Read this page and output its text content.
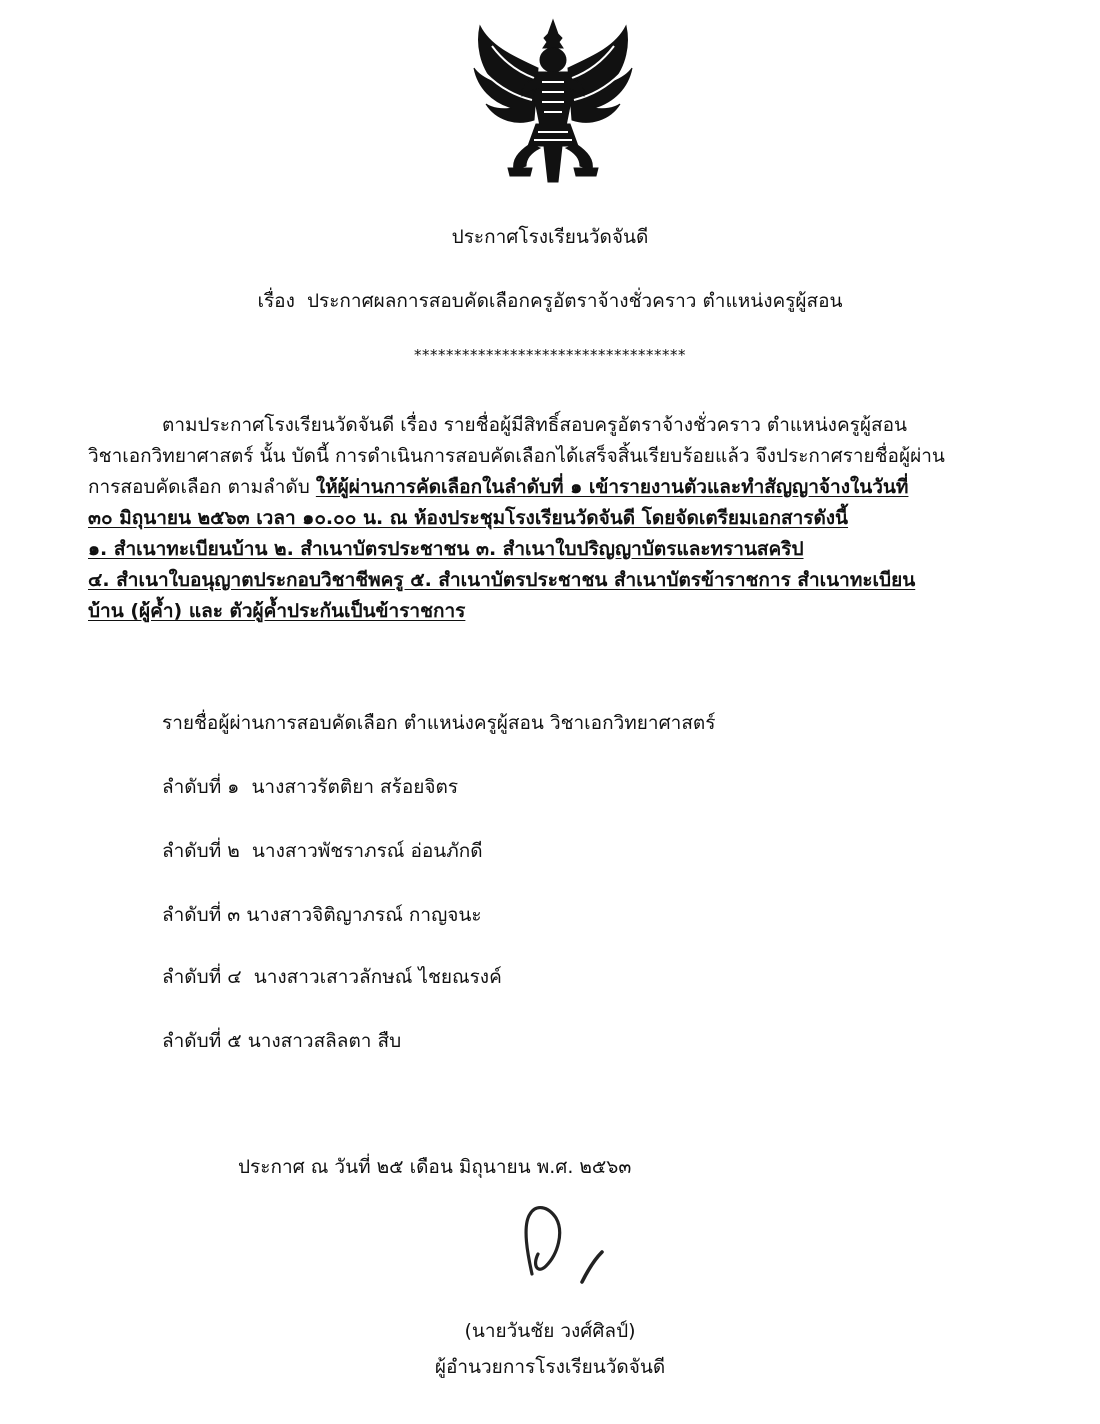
ประกาศโรงเรียนวัดจันดี
เรื่อง ประกาศผลการสอบคัดเลือกครูอัตราจ้างชั่วคราว ตำแหน่งครูผู้สอน
**********************************
ตามประกาศโรงเรียนวัดจันดี เรื่อง รายชื่อผู้มีสิทธิ์สอบครูอัตราจ้างชั่วคราว ตำแหน่งครูผู้สอน
วิชาเอกวิทยาศาสตร์ นั้น บัดนี้ การดำเนินการสอบคัดเลือกได้เสร็จสิ้นเรียบร้อยแล้ว จึงประกาศรายชื่อผู้ผ่าน
การสอบคัดเลือก ตามลำดับ ให้ผู้ผ่านการคัดเลือกในลำดับที่ ๑ เข้ารายงานตัวและทำสัญญาจ้างในวันที่
๓๐ มิถุนายน ๒๕๖๓ เวลา ๑๐.๐๐ น. ณ ห้องประชุมโรงเรียนวัดจันดี โดยจัดเตรียมเอกสารดังนี้
๑. สำเนาทะเบียนบ้าน ๒. สำเนาบัตรประชาชน ๓. สำเนาใบปริญญาบัตรและทรานสคริป
๔. สำเนาใบอนุญาตประกอบวิชาชีพครู ๕. สำเนาบัตรประชาชน สำเนาบัตรข้าราชการ สำเนาทะเบียน
บ้าน (ผู้ค้ำ) และ ตัวผู้ค้ำประกันเป็นข้าราชการ
รายชื่อผู้ผ่านการสอบคัดเลือก ตำแหน่งครูผู้สอน วิชาเอกวิทยาศาสตร์
ลำดับที่ ๑ นางสาวรัตติยา สร้อยจิตร
ลำดับที่ ๒ นางสาวพัชราภรณ์ อ่อนภักดี
ลำดับที่ ๓ นางสาวจิติญาภรณ์ กาญจนะ
ลำดับที่ ๔ นางสาวเสาวลักษณ์ ไชยณรงค์
ลำดับที่ ๕ นางสาวสลิลตา สืบ
ประกาศ ณ วันที่ ๒๕ เดือน มิถุนายน พ.ศ. ๒๕๖๓
(นายวันชัย วงศ์ศิลป์)
ผู้อำนวยการโรงเรียนวัดจันดี
